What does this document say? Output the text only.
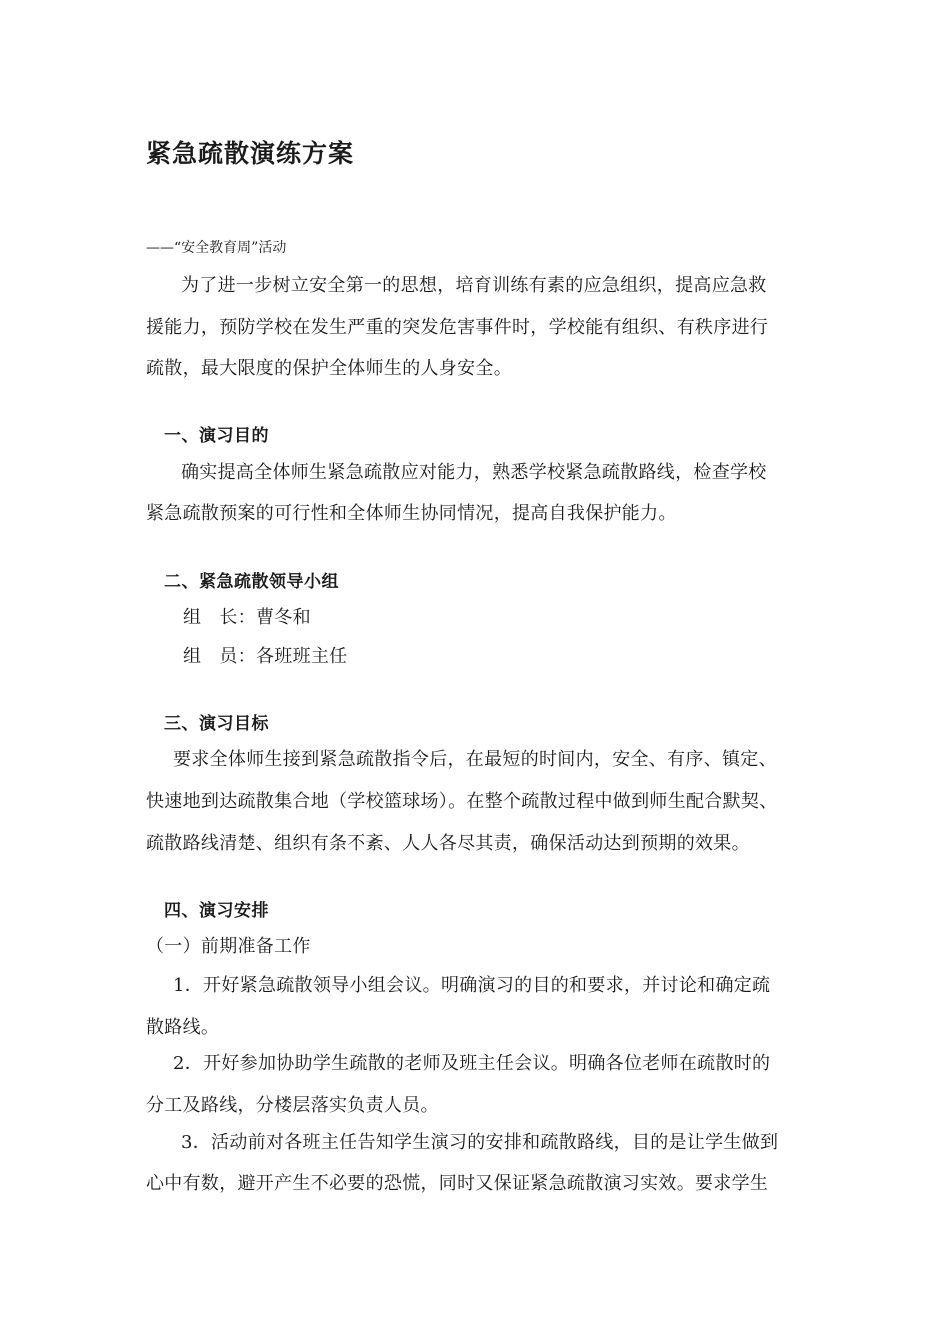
紧急疏散演练方案
——“安全教育周”活动
为了进一步树立安全第一的思想，培育训练有素的应急组织，提高应急救
援能力，预防学校在发生严重的突发危害事件时，学校能有组织、有秩序进行
疏散，最大限度的保护全体师生的人身安全。
一、演习目的
确实提高全体师生紧急疏散应对能力，熟悉学校紧急疏散路线，检查学校
紧急疏散预案的可行性和全体师生协同情况，提高自我保护能力。
二、紧急疏散领导小组
组   长：曹冬和
组   员：各班班主任
三、演习目标
要求全体师生接到紧急疏散指令后，在最短的时间内，安全、有序、镇定、
快速地到达疏散集合地（学校篮球场）。在整个疏散过程中做到师生配合默契、
疏散路线清楚、组织有条不紊、人人各尽其责，确保活动达到预期的效果。
四、演习安排
（一）前期准备工作
1．开好紧急疏散领导小组会议。明确演习的目的和要求，并讨论和确定疏
散路线。
2．开好参加协助学生疏散的老师及班主任会议。明确各位老师在疏散时的
分工及路线，分楼层落实负责人员。
3．活动前对各班主任告知学生演习的安排和疏散路线，目的是让学生做到
心中有数，避开产生不必要的恐慌，同时又保证紧急疏散演习实效。要求学生
